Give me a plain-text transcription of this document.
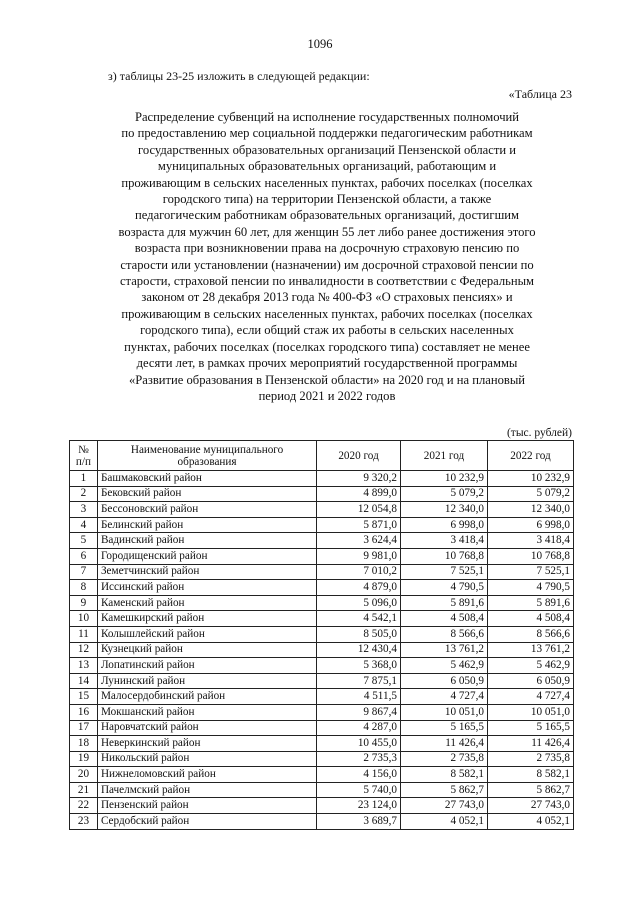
1096
з) таблицы 23-25 изложить в следующей редакции:
«Таблица 23
Распределение субвенций на исполнение государственных полномочий
по предоставлению мер социальной поддержки педагогическим работникам
государственных образовательных организаций Пензенской области и
муниципальных образовательных организаций, работающим и
проживающим в сельских населенных пунктах, рабочих поселках (поселках
городского типа) на территории Пензенской области, а также
педагогическим работникам образовательных организаций, достигшим
возраста для мужчин 60 лет, для женщин 55 лет либо ранее достижения этого
возраста при возникновении права на досрочную страховую пенсию по
старости или установлении (назначении) им досрочной страховой пенсии по
старости, страховой пенсии по инвалидности в соответствии с Федеральным
законом от 28 декабря 2013 года № 400-ФЗ «О страховых пенсиях» и
проживающим в сельских населенных пунктах, рабочих поселках (поселках
городского типа), если общий стаж их работы в сельских населенных
пунктах, рабочих поселках (поселках городского типа) составляет не менее
десяти лет, в рамках прочих мероприятий государственной программы
«Развитие образования в Пензенской области» на 2020 год и на плановый
период 2021 и 2022 годов
(тыс. рублей)
№ п/п	Наименование муниципального образования	2020 год	2021 год	2022 год
1	Башмаковский район	9 320,2	10 232,9	10 232,9
2	Бековский район	4 899,0	5 079,2	5 079,2
3	Бессоновский район	12 054,8	12 340,0	12 340,0
4	Белинский район	5 871,0	6 998,0	6 998,0
5	Вадинский район	3 624,4	3 418,4	3 418,4
6	Городищенский район	9 981,0	10 768,8	10 768,8
7	Земетчинский район	7 010,2	7 525,1	7 525,1
8	Иссинский район	4 879,0	4 790,5	4 790,5
9	Каменский район	5 096,0	5 891,6	5 891,6
10	Камешкирский район	4 542,1	4 508,4	4 508,4
11	Колышлейский район	8 505,0	8 566,6	8 566,6
12	Кузнецкий район	12 430,4	13 761,2	13 761,2
13	Лопатинский район	5 368,0	5 462,9	5 462,9
14	Лунинский район	7 875,1	6 050,9	6 050,9
15	Малосердобинский район	4 511,5	4 727,4	4 727,4
16	Мокшанский район	9 867,4	10 051,0	10 051,0
17	Наровчатский район	4 287,0	5 165,5	5 165,5
18	Неверкинский район	10 455,0	11 426,4	11 426,4
19	Никольский район	2 735,3	2 735,8	2 735,8
20	Нижнеломовский район	4 156,0	8 582,1	8 582,1
21	Пачелмский район	5 740,0	5 862,7	5 862,7
22	Пензенский район	23 124,0	27 743,0	27 743,0
23	Сердобский район	3 689,7	4 052,1	4 052,1
